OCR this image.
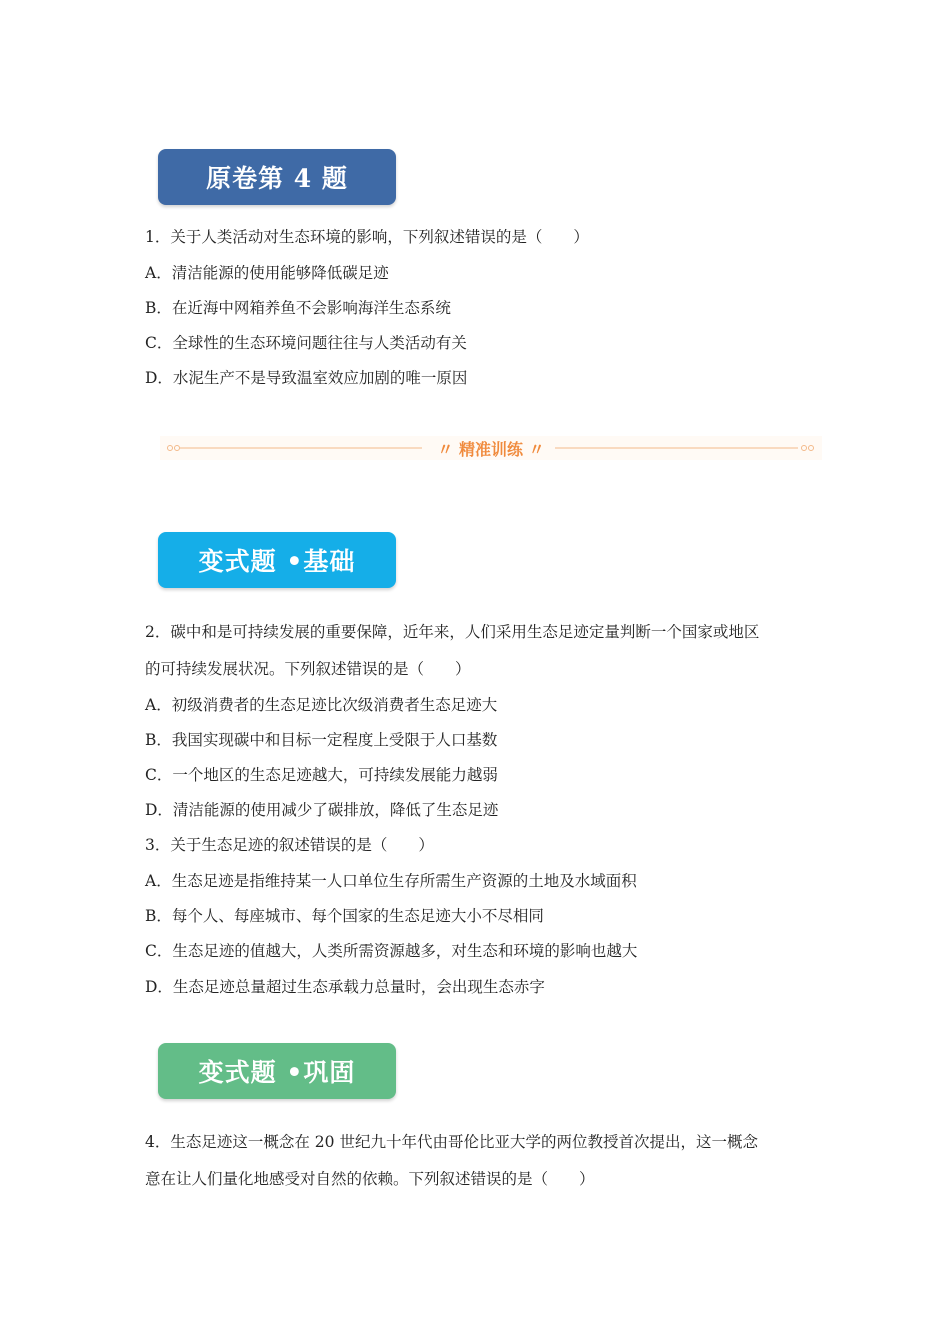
原卷第 4 题
1．关于人类活动对生态环境的影响，下列叙述错误的是（　　）
A．清洁能源的使用能够降低碳足迹
B．在近海中网箱养鱼不会影响海洋生态系统
C．全球性的生态环境问题往往与人类活动有关
D．水泥生产不是导致温室效应加剧的唯一原因
〃 精准训练 〃
变式题 •基础
2．碳中和是可持续发展的重要保障，近年来，人们采用生态足迹定量判断一个国家或地区
的可持续发展状况。下列叙述错误的是（　　）
A．初级消费者的生态足迹比次级消费者生态足迹大
B．我国实现碳中和目标一定程度上受限于人口基数
C．一个地区的生态足迹越大，可持续发展能力越弱
D．清洁能源的使用减少了碳排放，降低了生态足迹
3．关于生态足迹的叙述错误的是（　　）
A．生态足迹是指维持某一人口单位生存所需生产资源的土地及水域面积
B．每个人、每座城市、每个国家的生态足迹大小不尽相同
C．生态足迹的值越大，人类所需资源越多，对生态和环境的影响也越大
D．生态足迹总量超过生态承载力总量时，会出现生态赤字
变式题 •巩固
4．生态足迹这一概念在 20 世纪九十年代由哥伦比亚大学的两位教授首次提出，这一概念
意在让人们量化地感受对自然的依赖。下列叙述错误的是（　　）
